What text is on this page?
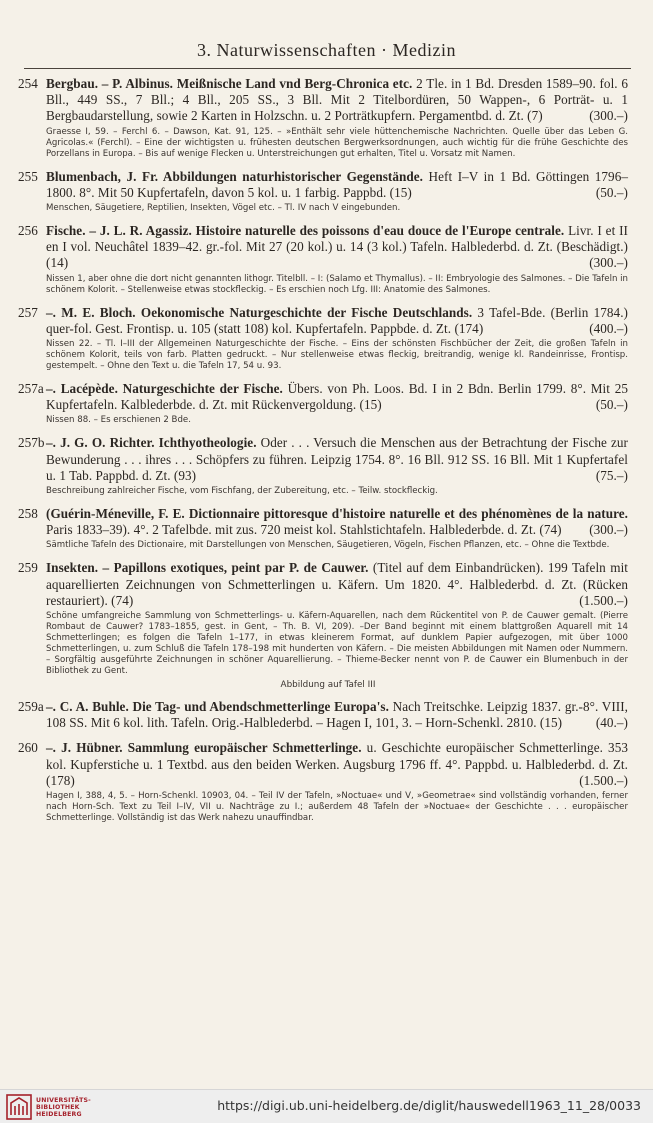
3. Naturwissenschaften · Medizin
254 Bergbau. – P. Albinus. Meißnische Land vnd Berg-Chronica etc. 2 Tle. in 1 Bd. Dresden 1589–90. fol. 6 Bll., 449 SS., 7 Bll.; 4 Bll., 205 SS., 3 Bll. Mit 2 Titelbordüren, 50 Wappen-, 6 Porträt- u. 1 Bergbaudarstellung, sowie 2 Karten in Holzschn. u. 2 Porträtkupfern. Pergamentbd. d. Zt. (7)	(300.–)
Graesse I, 59. – Ferchl 6. – Dawson, Kat. 91, 125. – »Enthält sehr viele hüttenchemische Nachrichten. Quelle über das Leben G. Agricolas.« (Ferchl). – Eine der wichtigsten u. frühesten deutschen Bergwerksordnungen, auch wichtig für die frühe Geschichte des Porzellans in Europa. – Bis auf wenige Flecken u. Unterstreichungen gut erhalten, Titel u. Vorsatz mit Namen.
255 Blumenbach, J. Fr. Abbildungen naturhistorischer Gegenstände. Heft I–V in 1 Bd. Göttingen 1796–1800. 8°. Mit 50 Kupfertafeln, davon 5 kol. u. 1 farbig. Pappbd. (15)	(50.–)
Menschen, Säugetiere, Reptilien, Insekten, Vögel etc. – Tl. IV nach V eingebunden.
256 Fische. – J. L. R. Agassiz. Histoire naturelle des poissons d'eau douce de l'Europe centrale. Livr. I et II en I vol. Neuchâtel 1839–42. gr.-fol. Mit 27 (20 kol.) u. 14 (3 kol.) Tafeln. Halblederbd. d. Zt. (Beschädigt.) (14)	(300.–)
Nissen 1, aber ohne die dort nicht genannten lithogr. Titelbll. – I: (Salamo et Thymallus). – II: Embryologie des Salmones. – Die Tafeln in schönem Kolorit. – Stellenweise etwas stockfleckig. – Es erschien noch Lfg. III: Anatomie des Salmones.
257 –. M. E. Bloch. Oekonomische Naturgeschichte der Fische Deutschlands. 3 Tafel-Bde. (Berlin 1784.) quer-fol. Gest. Frontisp. u. 105 (statt 108) kol. Kupfertafeln. Pappbde. d. Zt. (174)	(400.–)
Nissen 22. – Tl. I–III der Allgemeinen Naturgeschichte der Fische. – Eins der schönsten Fischbücher der Zeit, die großen Tafeln in schönem Kolorit, teils von farb. Platten gedruckt. – Nur stellenweise etwas fleckig, breitrandig, wenige kl. Randeinrisse, Frontisp. gestempelt. – Ohne den Text u. die Tafeln 17, 54 u. 93.
257a –. Lacépède. Naturgeschichte der Fische. Übers. von Ph. Loos. Bd. I in 2 Bdn. Berlin 1799. 8°. Mit 25 Kupfertafeln. Kalblederbde. d. Zt. mit Rückenvergoldung. (15)	(50.–)
Nissen 88. – Es erschienen 2 Bde.
257b –. J. G. O. Richter. Ichthyotheologie. Oder . . . Versuch die Menschen aus der Betrachtung der Fische zur Bewunderung . . . ihres . . . Schöpfers zu führen. Leipzig 1754. 8°. 16 Bll. 912 SS. 16 Bll. Mit 1 Kupfertafel u. 1 Tab. Pappbd. d. Zt. (93)	(75.–)
Beschreibung zahlreicher Fische, vom Fischfang, der Zubereitung, etc. – Teilw. stockfleckig.
258 (Guérin-Méneville, F. E. Dictionnaire pittoresque d'histoire naturelle et des phénomènes de la nature. Paris 1833–39). 4°. 2 Tafelbde. mit zus. 720 meist kol. Stahlstichtafeln. Halblederbde. d. Zt. (74) (300.–)
Sämtliche Tafeln des Dictionaire, mit Darstellungen von Menschen, Säugetieren, Vögeln, Fischen Pflanzen, etc. – Ohne die Textbde.
259 Insekten. – Papillons exotiques, peint par P. de Cauwer. (Titel auf dem Einbandrücken). 199 Tafeln mit aquarellierten Zeichnungen von Schmetterlingen u. Käfern. Um 1820. 4°. Halblederbd. d. Zt. (Rücken restauriert). (74)	(1.500.–)
Schöne umfangreiche Sammlung von Schmetterlings- u. Käfern-Aquarellen, nach dem Rückentitel von P. de Cauwer gemalt. (Pierre Rombaut de Cauwer? 1783–1855, gest. in Gent, – Th. B. VI, 209). –Der Band beginnt mit einem blattgroßen Aquarell mit 14 Schmetterlingen; es folgen die Tafeln 1–177, in etwas kleinerem Format, auf dunklem Papier aufgezogen, mit über 1000 Schmetterlingen, u. zum Schluß die Tafeln 178–198 mit hunderten von Käfern. – Die meisten Abbildungen mit Namen oder Nummern. – Sorgfältig ausgeführte Zeichnungen in schöner Aquarellierung. – Thieme-Becker nennt von P. de Cauwer ein Blumenbuch in der Bibliothek zu Gent.
Abbildung auf Tafel III
259a –. C. A. Buhle. Die Tag- und Abendschmetterlinge Europa's. Nach Treitschke. Leipzig 1837. gr.-8°. VIII, 108 SS. Mit 6 kol. lith. Tafeln. Orig.-Halblederbd. – Hagen I, 101, 3. – Horn-Schenkl. 2810. (15)	(40.–)
260 –. J. Hübner. Sammlung europäischer Schmetterlinge. u. Geschichte europäischer Schmetterlinge. 353 kol. Kupferstiche u. 1 Textbd. aus den beiden Werken. Augsburg 1796 ff. 4°. Pappbd. u. Halblederbd. d. Zt. (178)	(1.500.–)
Hagen I, 388, 4, 5. – Horn-Schenkl. 10903, 04. – Teil IV der Tafeln, »Noctuae« und V, »Geometrae« sind vollständig vorhanden, ferner nach Horn-Sch. Text zu Teil I–IV, VII u. Nachträge zu I.; außerdem 48 Tafeln der »Noctuae« der Geschichte . . . europäischer Schmetterlinge. Vollständig ist das Werk nahezu unauffindbar.
UNIVERSITÄTS-
BIBLIOTHEK
HEIDELBERG
https://digi.ub.uni-heidelberg.de/diglit/hauswedell1963_11_28/0033
